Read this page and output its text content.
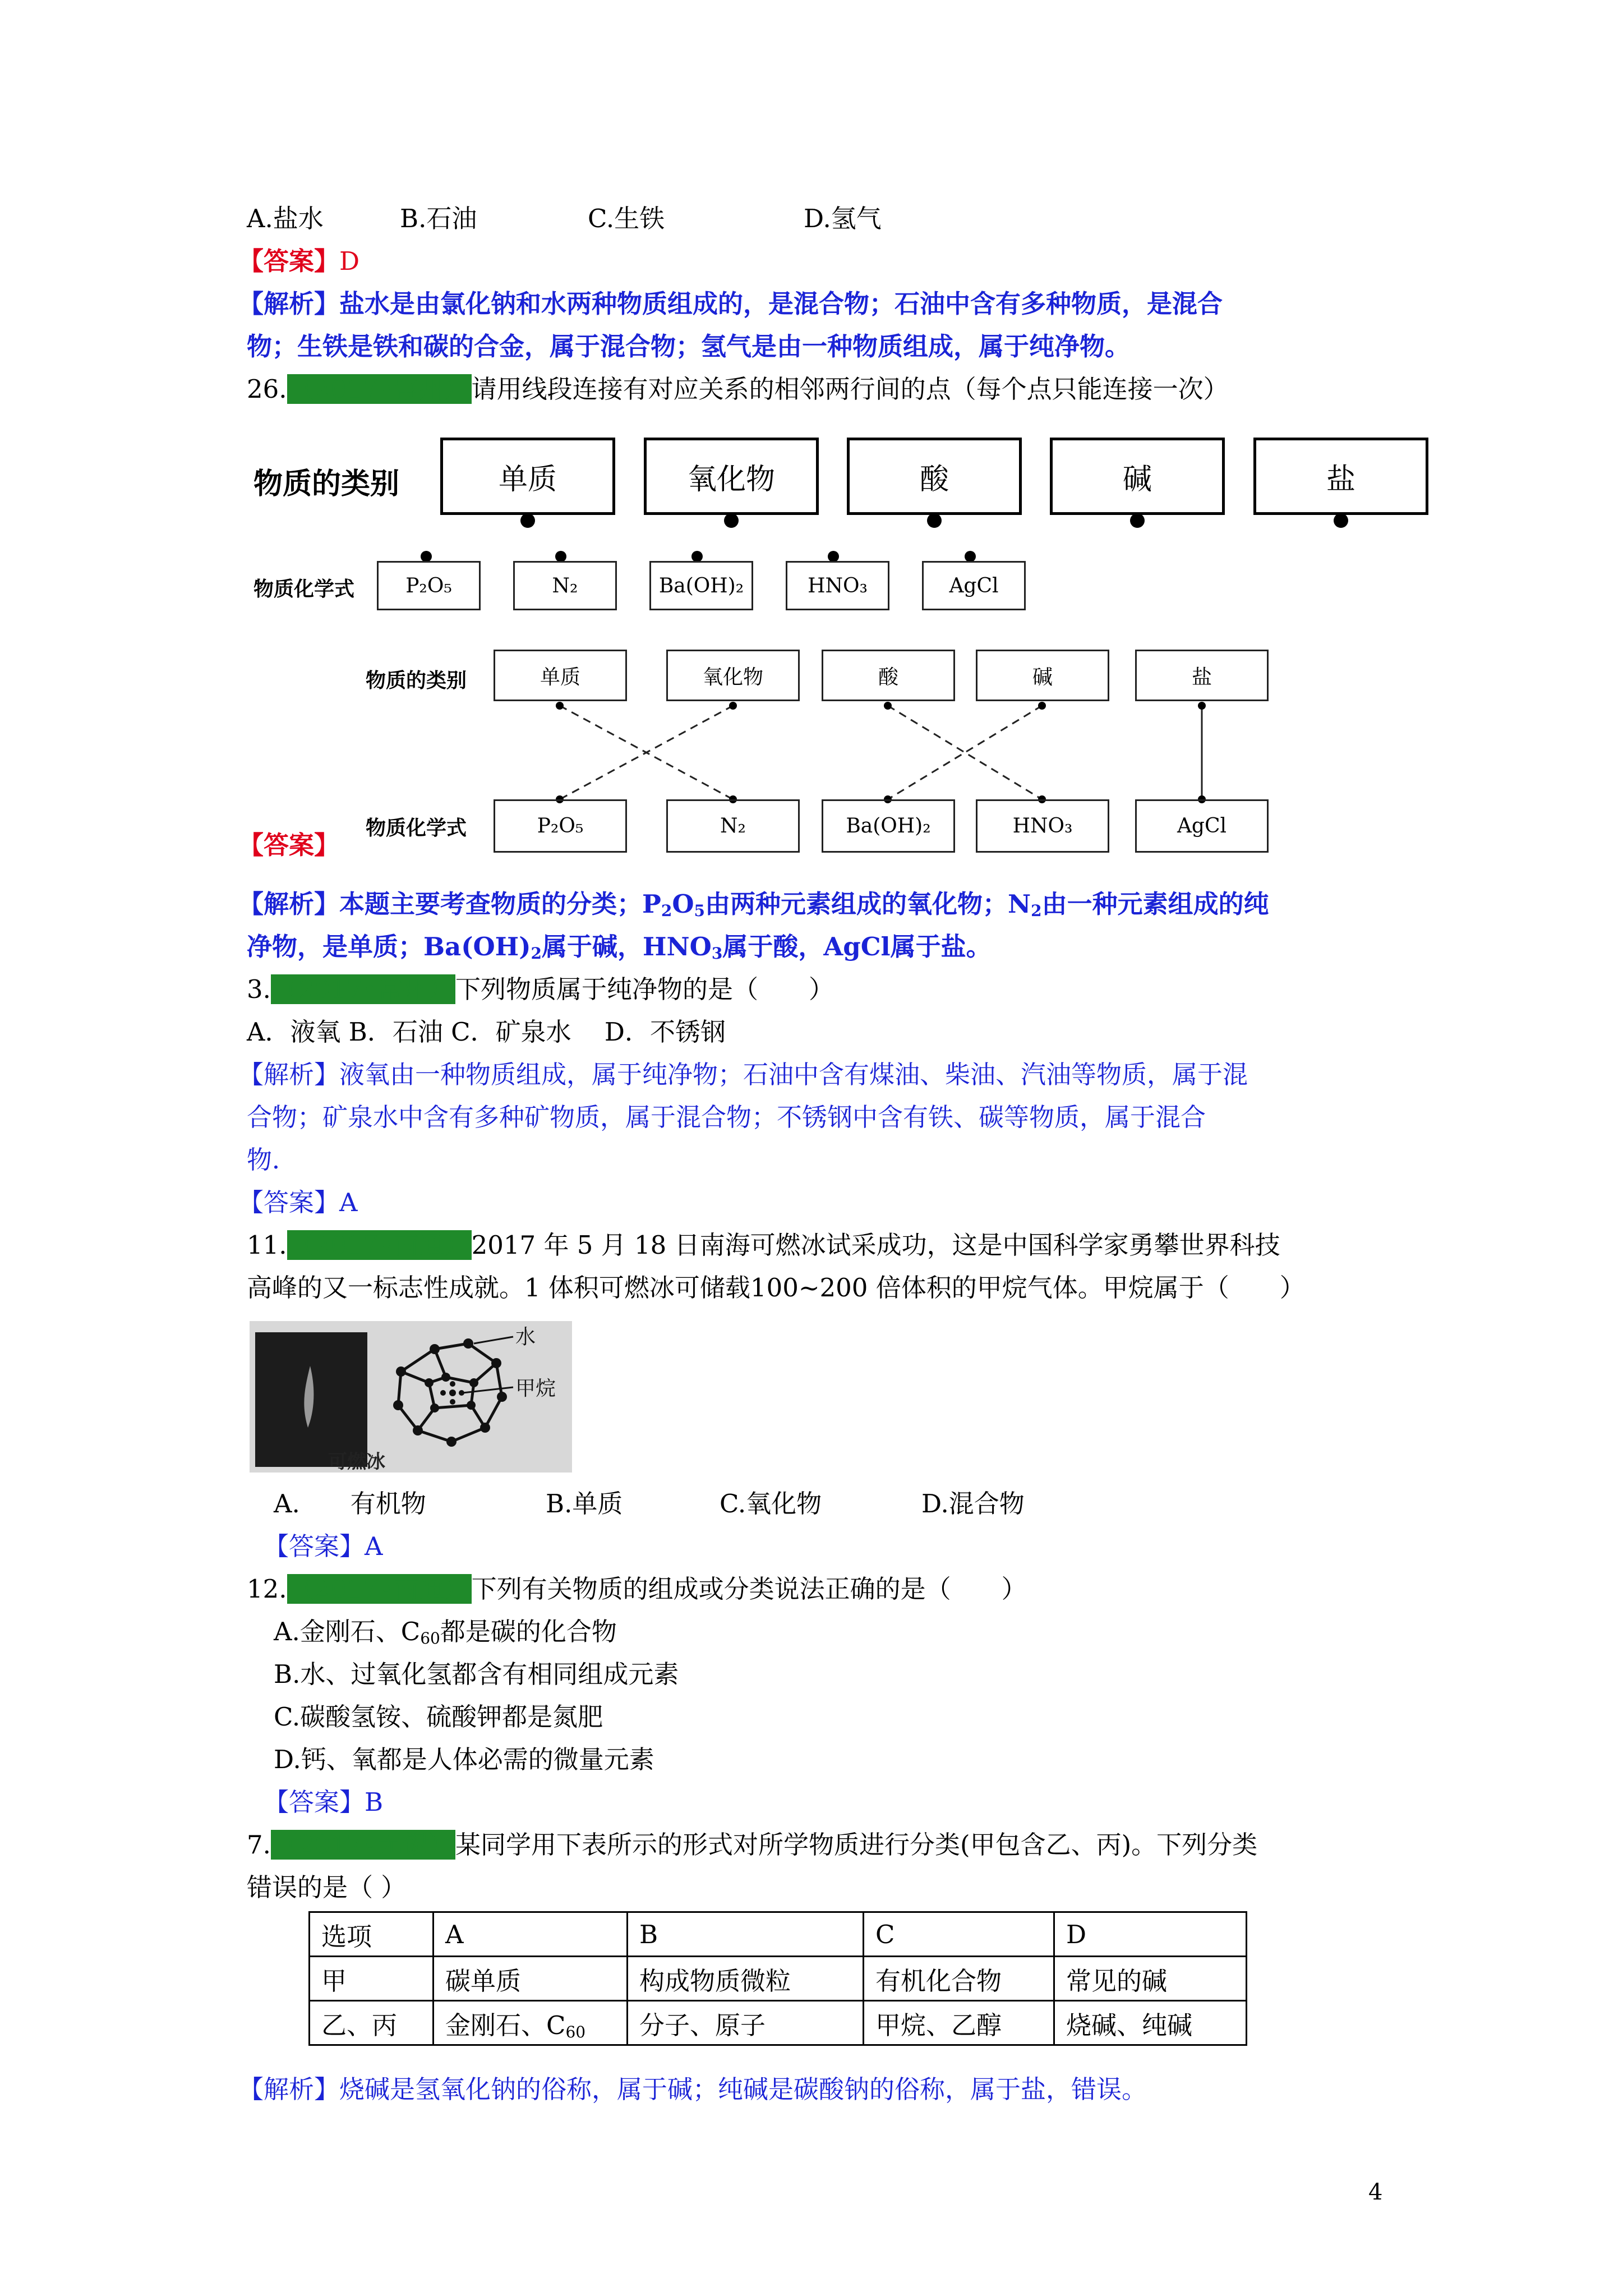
A.盐水	B.石油	C.生铁	D.氢气
【答案】D
【解析】盐水是由氯化钠和水两种物质组成的，是混合物；石油中含有多种物质，是混合
物；生铁是铁和碳的合金，属于混合物；氢气是由一种物质组成，属于纯净物。
26.（2017•常州）请用线段连接有对应关系的相邻两行间的点（每个点只能连接一次）
物质的类别	单质	氧化物	酸	碱	盐
物质化学式	P₂O₅	N₂	Ba(OH)₂	HNO₃	AgCl
物质的类别	单质	氧化物	酸	碱	盐
物质化学式	P₂O₅	N₂	Ba(OH)₂	HNO₃	AgCl
【答案】
【解析】本题主要考查物质的分类；$P_2O_5$由两种元素组成的氧化物；$N_2$由一种元素组成的纯
净物，是单质；$Ba(OH)_2$属于碱，$HNO_3$属于酸，AgCl属于盐。
3.（2017•常州）下列物质属于纯净物的是（　　）
A．液氧 B．石油 C．矿泉水　 D．不锈钢
【解析】液氧由一种物质组成，属于纯净物；石油中含有煤油、柴油、汽油等物质，属于混
合物；矿泉水中含有多种矿物质，属于混合物；不锈钢中含有铁、碳等物质，属于混合
物．
【答案】A
11.（2017•南通）2017 年 5 月 18 日南海可燃冰试采成功，这是中国科学家勇攀世界科技
高峰的又一标志性成就。1 体积可燃冰可储载100~200 倍体积的甲烷气体。甲烷属于（　　）
水
甲烷
可燃冰
A.　　有机物	B.单质	C.氧化物	D.混合物
【答案】A
12.（2017•南通）下列有关物质的组成或分类说法正确的是（　　）
A.金刚石、$C_{60}$都是碳的化合物
B.水、过氧化氢都含有相同组成元素
C.碳酸氢铵、硫酸钾都是氮肥
D.钙、氧都是人体必需的微量元素
【答案】B
7.（2017•无锡）某同学用下表所示的形式对所学物质进行分类(甲包含乙、丙)。下列分类
错误的是（ ）
选项	A	B	C	D
甲	碳单质	构成物质微粒	有机化合物	常见的碱
乙、丙	金刚石、$C_{60}$	分子、原子	甲烷、乙醇	烧碱、纯碱
【解析】烧碱是氢氧化钠的俗称，属于碱；纯碱是碳酸钠的俗称，属于盐，错误。
4
